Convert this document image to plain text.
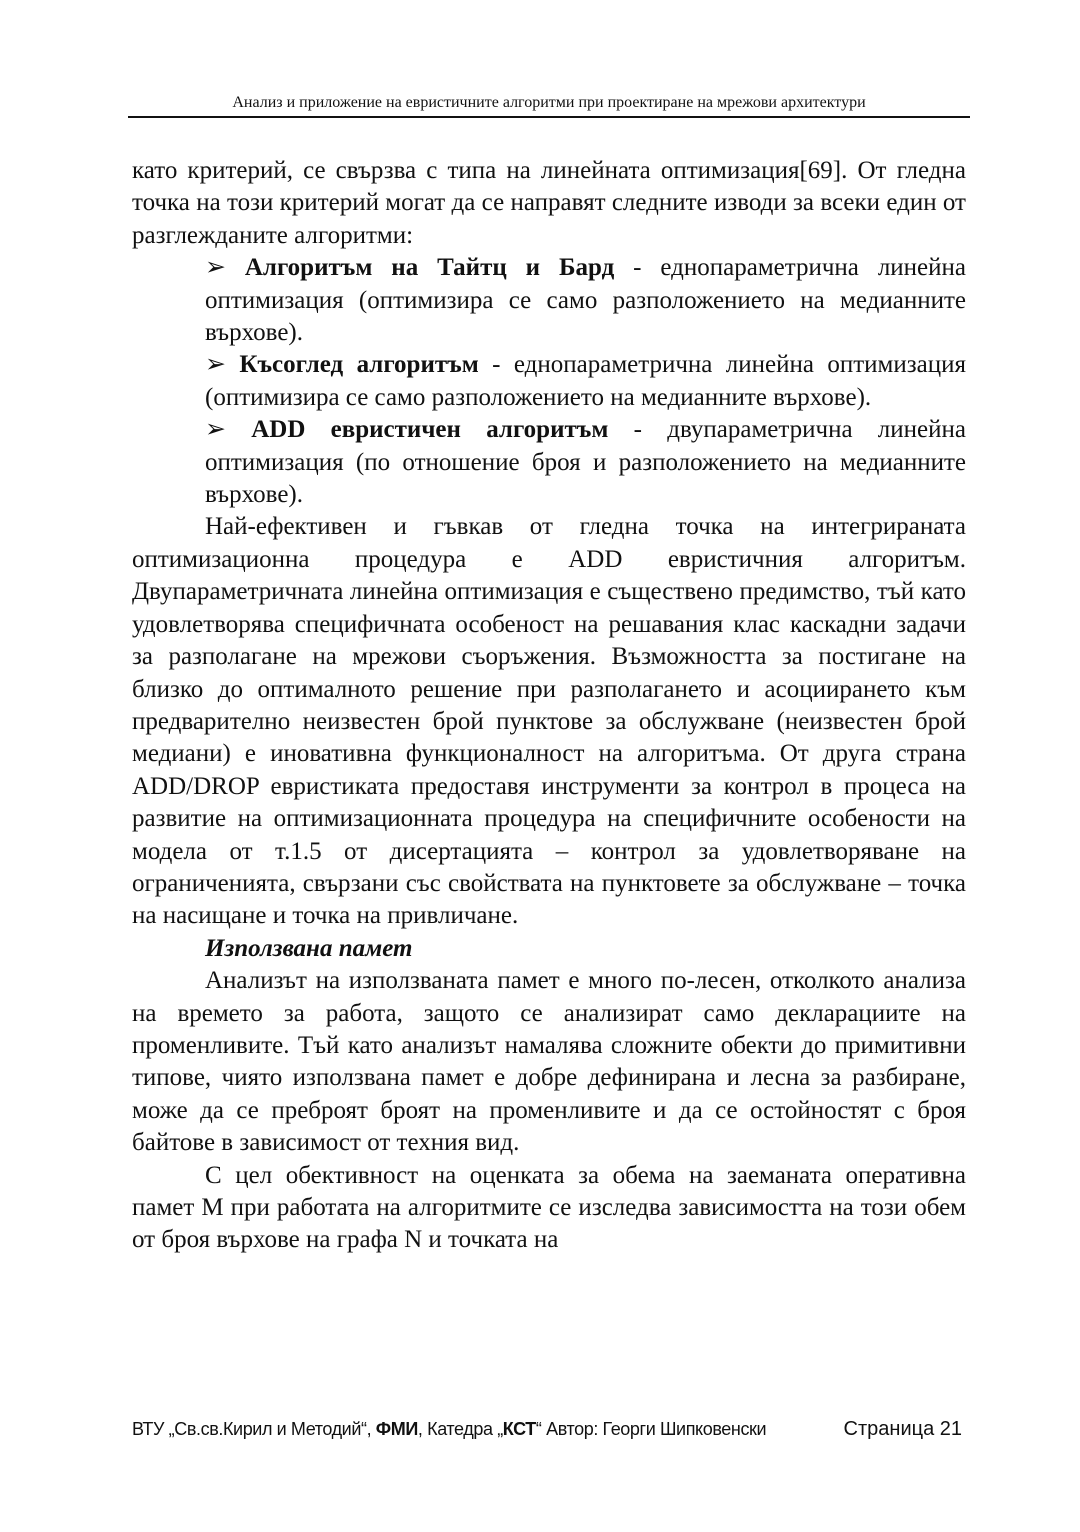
Анализ и приложение на евристичните алгоритми при проектиране на мрежови архитектури

като критерий, се свързва с типа на линейната оптимизация[69]. От гледна точка на този критерий могат да се направят следните изводи за всеки един от разглежданите алгоритми:

➢ Алгоритъм на Тайтц и Бард - еднопараметрична линейна оптимизация (оптимизира се само разположението на медианните върхове).

➢ Късоглед алгоритъм - еднопараметрична линейна оптимизация (оптимизира се само разположението на медианните върхове).

➢ ADD евристичен алгоритъм - двупараметрична линейна оптимизация (по отношение броя и разположението на медианните върхове).

Най-ефективен и гъвкав от гледна точка на интегрираната оптимизационна процедура е ADD евристичния алгоритъм. Двупараметричната линейна оптимизация е съществено предимство, тъй като удовлетворява специфичната особеност на решавания клас каскадни задачи за разполагане на мрежови съоръжения. Възможността за постигане на близко до оптималното решение при разполагането и асоциирането към предварително неизвестен брой пунктове за обслужване (неизвестен брой медиани) е иновативна функционалност на алгоритъма. От друга страна ADD/DROP евристиката предоставя инструменти за контрол в процеса на развитие на оптимизационната процедура на специфичните особености на модела от т.1.5 от дисертацията – контрол за удовлетворяване на ограниченията, свързани със свойствата на пунктовете за обслужване – точка на насищане и точка на привличане.

Използвана памет

Анализът на използваната памет е много по-лесен, отколкото анализа на времето за работа, защото се анализират само декларациите на променливите. Тъй като анализът намалява сложните обекти до примитивни типове, чиято използвана памет е добре дефинирана и лесна за разбиране, може да се преброят броят на променливите и да се остойностят с броя байтове в зависимост от техния вид.

С цел обективност на оценката за обема на заеманата оперативна памет М при работата на алгоритмите се изследва зависимостта на този обем от броя върхове на графа N и точката на

ВТУ „Св.св.Кирил и Методий“, ФМИ, Катедра „КСТ“ Автор: Георги Шипковенски	Страница 21
